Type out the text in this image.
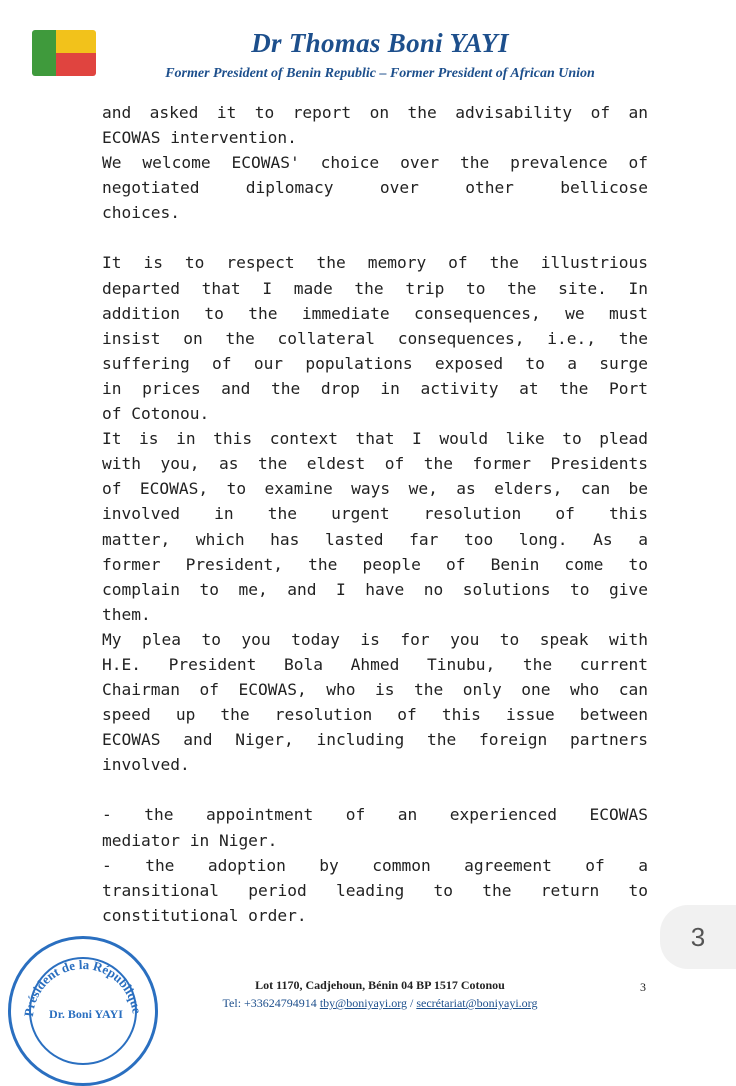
Dr Thomas Boni YAYI
Former President of Benin Republic – Former President of African Union
and asked it to report on the advisability of an
ECOWAS intervention.
We welcome ECOWAS' choice over the prevalence of
negotiated diplomacy over other bellicose
choices.
It is to respect the memory of the illustrious
departed that I made the trip to the site. In
addition to the immediate consequences, we must
insist on the collateral consequences, i.e., the
suffering of our populations exposed to a surge
in prices and the drop in activity at the Port
of Cotonou.
It is in this context that I would like to plead
with you, as the eldest of the former Presidents
of ECOWAS, to examine ways we, as elders, can be
involved in the urgent resolution of this
matter, which has lasted far too long. As a
former President, the people of Benin come to
complain to me, and I have no solutions to give
them.
My plea to you today is for you to speak with
H.E. President Bola Ahmed Tinubu, the current
Chairman of ECOWAS, who is the only one who can
speed up the resolution of this issue between
ECOWAS and Niger, including the foreign partners
involved.
- the appointment of an experienced ECOWAS
mediator in Niger.
- the adoption by common agreement of a
transitional period leading to the return to
constitutional order.
Président de la République
Dr. Boni YAYI
Lot 1170, Cadjehoun, Bénin 04 BP 1517 Cotonou
Tel: +33624794914 tby@boniyayi.org / secrétariat@boniyayi.org
3
3
